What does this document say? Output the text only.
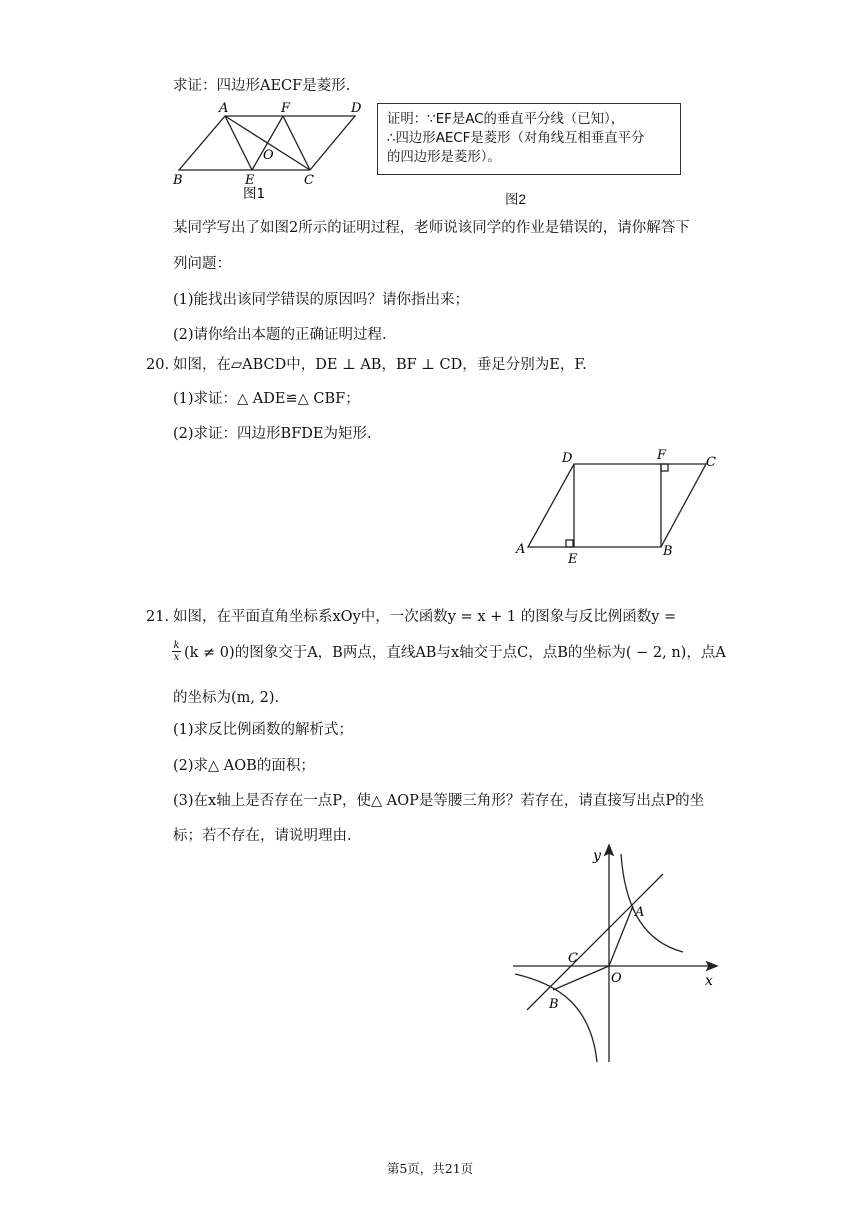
求证：四边形AECF是菱形.
A	F	D
O
B	E	C
图1
证明：∵EF是AC的垂直平分线（已知），
∴四边形AECF是菱形（对角线互相垂直平分
的四边形是菱形）。
图2
某同学写出了如图2所示的证明过程，老师说该同学的作业是错误的，请你解答下
列问题：
(1)能找出该同学错误的原因吗？请你指出来；
(2)请你给出本题的正确证明过程.
20. 如图，在▱ABCD中，DE ⊥ AB，BF ⊥ CD，垂足分别为E，F.
(1)求证：△ ADE≌△ CBF；
(2)求证：四边形BFDE为矩形.
D	F	C
A
E
B
21. 如图，在平面直角坐标系xOy中，一次函数y = x + 1 的图象与反比例函数y =
k
x (k ≠ 0)的图象交于A，B两点，直线AB与x轴交于点C，点B的坐标为( − 2, n)，点A
的坐标为(m, 2).
(1)求反比例函数的解析式；
(2)求△ AOB的面积；
(3)在x轴上是否存在一点P，使△ AOP是等腰三角形？若存在，请直接写出点P的坐
标；若不存在，请说明理由.
y
x
A
C
O
B
第5页，共21页
